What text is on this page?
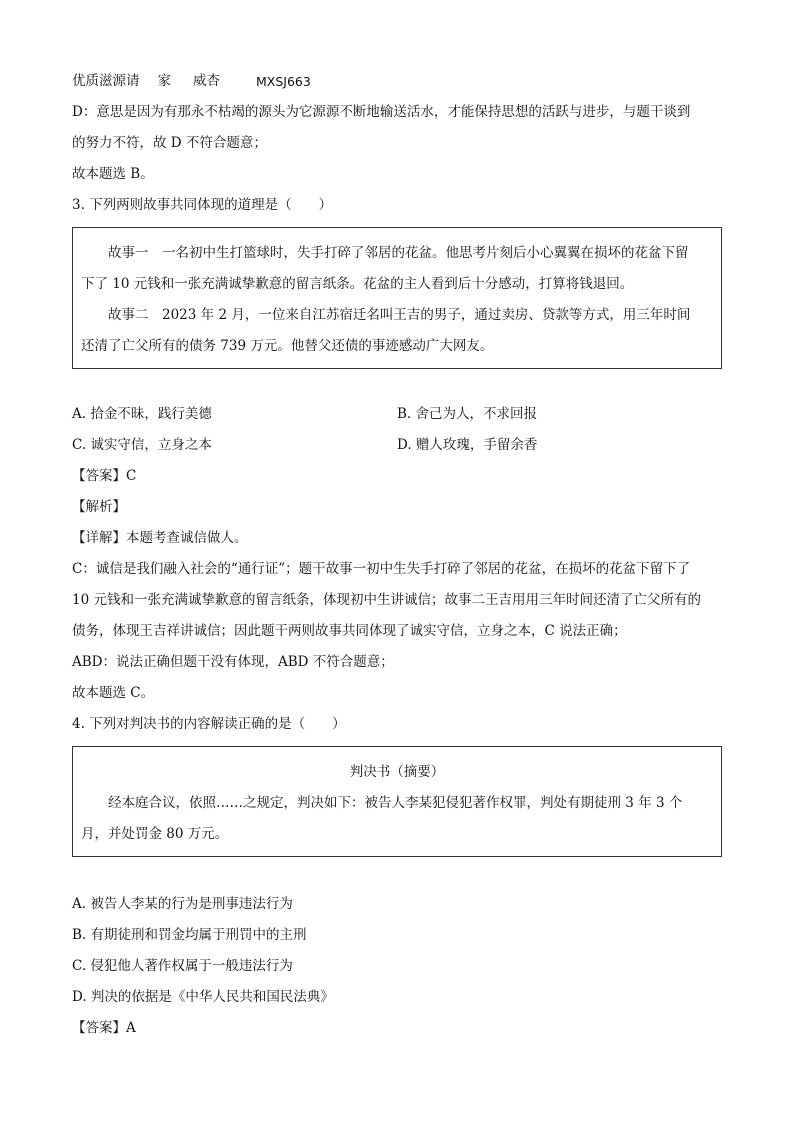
优质滋源请 家 威杏	MXSJ663
D：意思是因为有那永不枯竭的源头为它源源不断地输送活水，才能保持思想的活跃与进步，与题干谈到
的努力不符，故 D 不符合题意；
故本题选 B。
3. 下列两则故事共同体现的道理是（　　）
故事一　一名初中生打篮球时，失手打碎了邻居的花盆。他思考片刻后小心翼翼在损坏的花盆下留
下了 10 元钱和一张充满诚挚歉意的留言纸条。花盆的主人看到后十分感动，打算将钱退回。
故事二　2023 年 2 月，一位来自江苏宿迁名叫王吉的男子，通过卖房、贷款等方式，用三年时间
还清了亡父所有的债务 739 万元。他替父还债的事迹感动广大网友。
A. 拾金不昧，践行美德	B. 舍己为人，不求回报
C. 诚实守信，立身之本	D. 赠人玫瑰，手留余香
【答案】 C
【解析】
【详解】 本题考查诚信做人。
C：诚信是我们融入社会的“通行证”；题干故事一初中生失手打碎了邻居的花盆，在损坏的花盆下留下了
10 元钱和一张充满诚挚歉意的留言纸条，体现初中生讲诚信；故事二王吉用用三年时间还清了亡父所有的
债务，体现王吉祥讲诚信；因此题干两则故事共同体现了诚实守信，立身之本，C 说法正确；
ABD：说法正确但题干没有体现，ABD 不符合题意；
故本题选 C。
4. 下列对判决书的内容解读正确的是（　　）
判决书（摘要）
经本庭合议，依照……之规定，判决如下：被告人李某犯侵犯著作权罪，判处有期徒刑 3 年 3 个
月，并处罚金 80 万元。
A. 被告人李某的行为是刑事违法行为
B. 有期徒刑和罚金均属于刑罚中的主刑
C. 侵犯他人著作权属于一般违法行为
D. 判决的依据是《中华人民共和国民法典》
【答案】 A
